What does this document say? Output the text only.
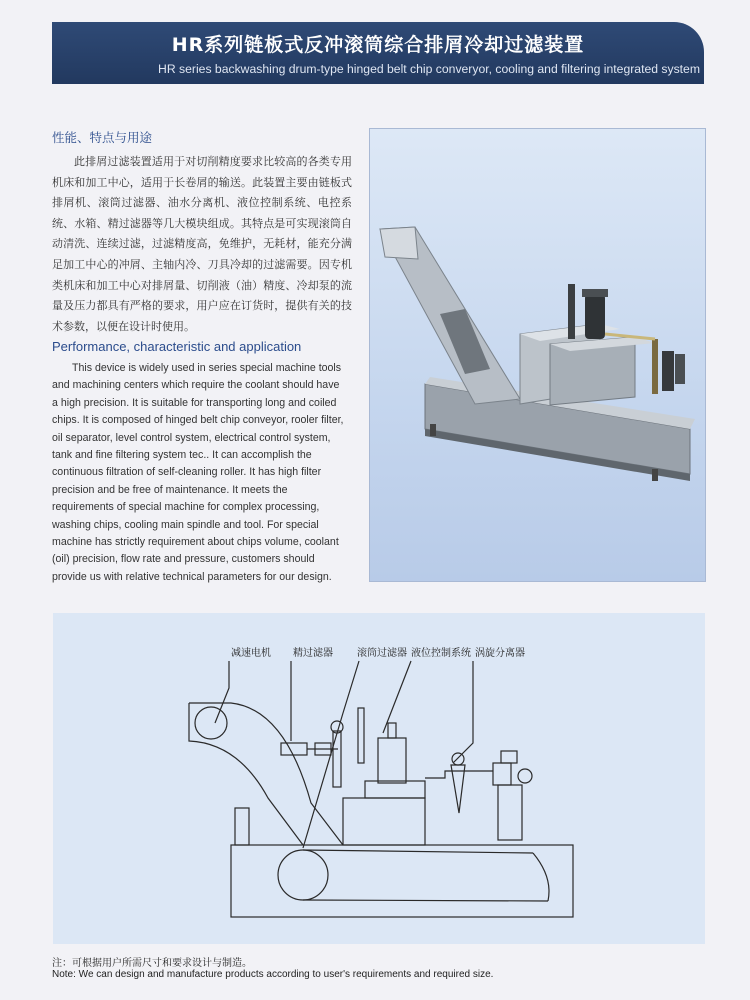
HR系列链板式反冲滚筒综合排屑冷却过滤装置
HR series backwashing drum-type hinged belt chip converyor, cooling and filtering integrated system
性能、特点与用途
此排屑过滤装置适用于对切削精度要求比较高的各类专用机床和加工中心，适用于长卷屑的输送。此装置主要由链板式排屑机、滚筒过滤器、油水分离机、液位控制系统、电控系统、水箱、精过滤器等几大模块组成。其特点是可实现滚筒自动清洗、连续过滤，过滤精度高，免维护，无耗材，能充分满足加工中心的冲屑、主轴内冷、刀具冷却的过滤需要。因专机类机床和加工中心对排屑量、切削液（油）精度、冷却泵的流量及压力都具有严格的要求，用户应在订货时，提供有关的技术参数，以便在设计时使用。
Performance, characteristic and application
This device is widely used in series special machine tools and machining centers which require the coolant should have a high precision. It is suitable for transporting long and coiled chips. It is composed of hinged belt chip conveyor, rooler filter, oil separator, level control system, electrical control system, tank and fine filtering system tec.. It can accomplish the continuous filtration of self-cleaning roller. It has high filter precision and be free of maintenance. It meets the requirements of special machine for complex processing, washing chips, cooling main spindle and tool. For special machine has strictly requirement about chips volume, coolant (oil) precision, flow rate and pressure, customers should provide us with relative technical parameters for our design.
减速电机 精过滤器 滚筒过滤器 液位控制系统 涡旋分离器
注：可根据用户所需尺寸和要求设计与制造。
Note: We can design and manufacture products according to user's requirements and required size.
